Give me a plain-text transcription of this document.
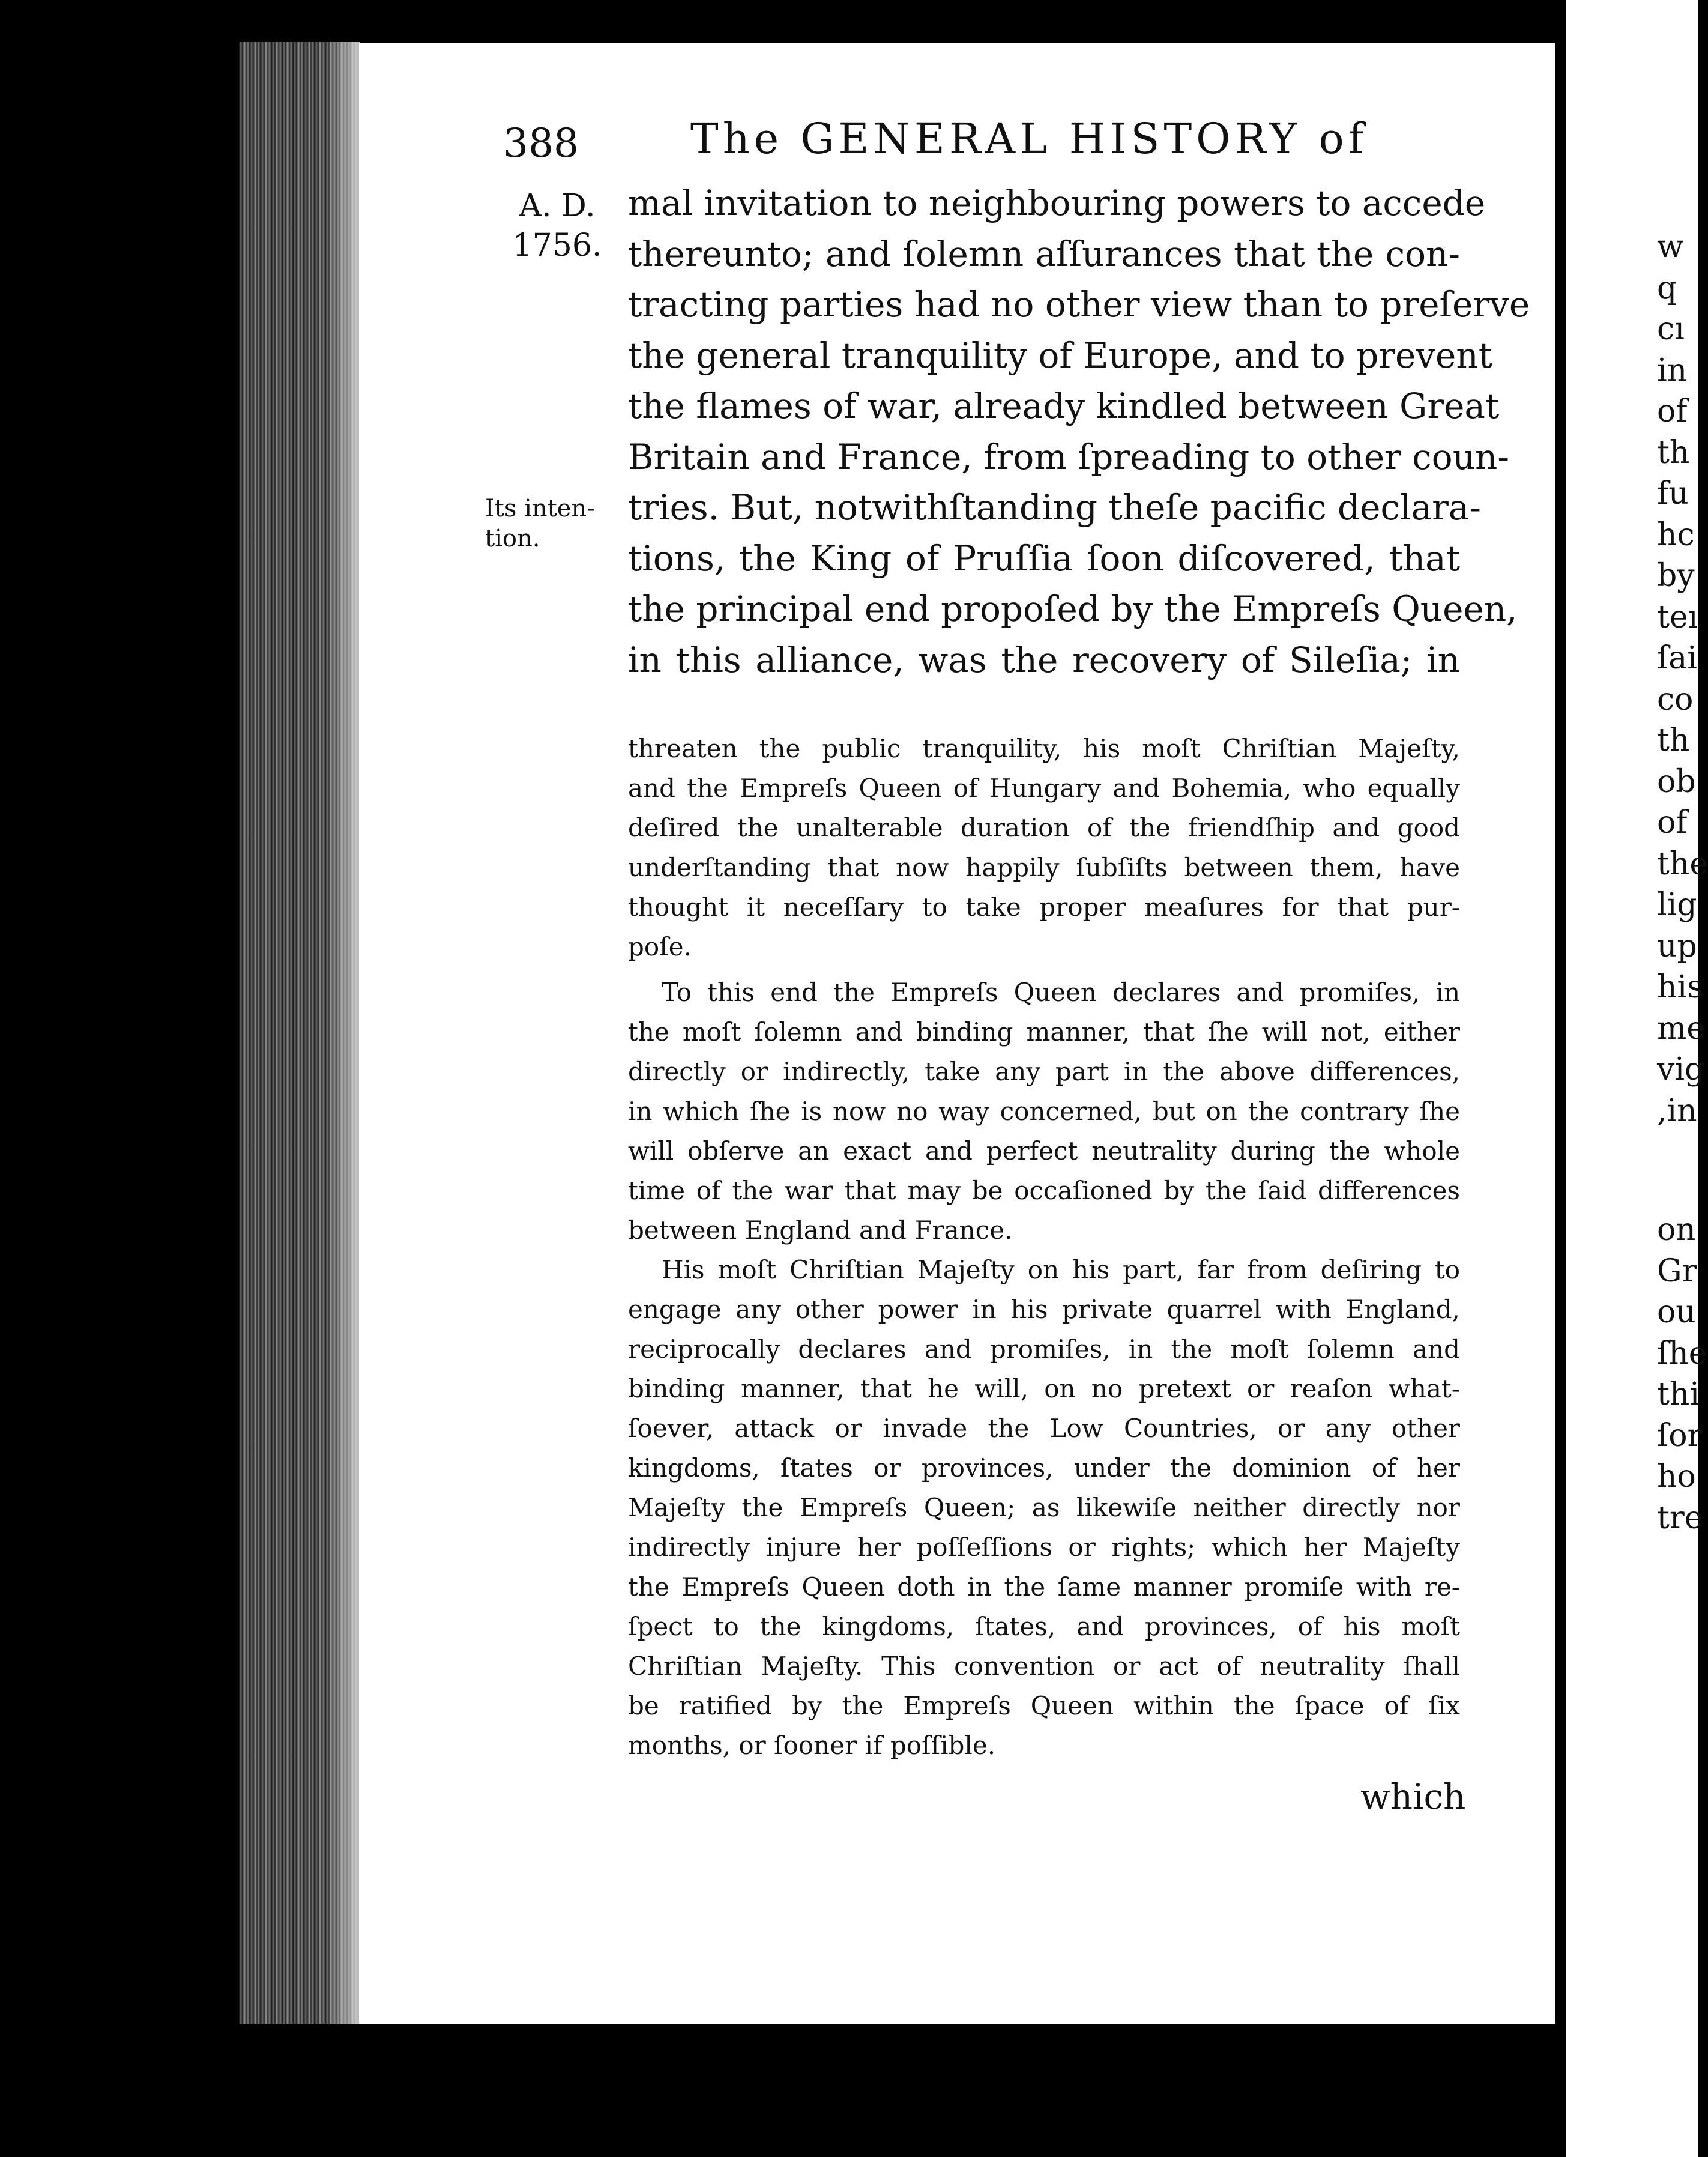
w
q
cı
in
of
th
fu
hc
by
teı
ſai
co
th
ob
of
the
lig
up
his
me
vig
,in
on
Gr
ou
ſhe
thi
ſor
ho
tre
388	The GENERAL HISTORY of
A. D.
1756.
Its inten-
tion.
mal invitation to neighbouring powers to accede
thereunto; and ſolemn aſſurances that the con-
tracting parties had no other view than to preſerve
the general tranquility of Europe, and to prevent
the flames of war, already kindled between Great
Britain and France, from ſpreading to other coun-
tries. But, notwithſtanding theſe pacific declara-
tions, the King of Pruſſia ſoon diſcovered, that
the principal end propoſed by the Empreſs Queen,
in this alliance, was the recovery of Sileſia; in
threaten the public tranquility, his moſt Chriſtian Majeſty,
and the Empreſs Queen of Hungary and Bohemia, who equally
deſired the unalterable duration of the friendſhip and good
underſtanding that now happily ſubſiſts between them, have
thought it neceſſary to take proper meaſures for that pur-
poſe.
To this end the Empreſs Queen declares and promiſes, in
the moſt ſolemn and binding manner, that ſhe will not, either
directly or indirectly, take any part in the above differences,
in which ſhe is now no way concerned, but on the contrary ſhe
will obſerve an exact and perfect neutrality during the whole
time of the war that may be occaſioned by the ſaid differences
between England and France.
His moſt Chriſtian Majeſty on his part, far from deſiring to
engage any other power in his private quarrel with England,
reciprocally declares and promiſes, in the moſt ſolemn and
binding manner, that he will, on no pretext or reaſon what-
ſoever, attack or invade the Low Countries, or any other
kingdoms, ſtates or provinces, under the dominion of her
Majeſty the Empreſs Queen; as likewiſe neither directly nor
indirectly injure her poſſeſſions or rights; which her Majeſty
the Empreſs Queen doth in the ſame manner promiſe with re-
ſpect to the kingdoms, ſtates, and provinces, of his moſt
Chriſtian Majeſty. This convention or act of neutrality ſhall
be ratified by the Empreſs Queen within the ſpace of ſix
months, or ſooner if poſſible.
which
